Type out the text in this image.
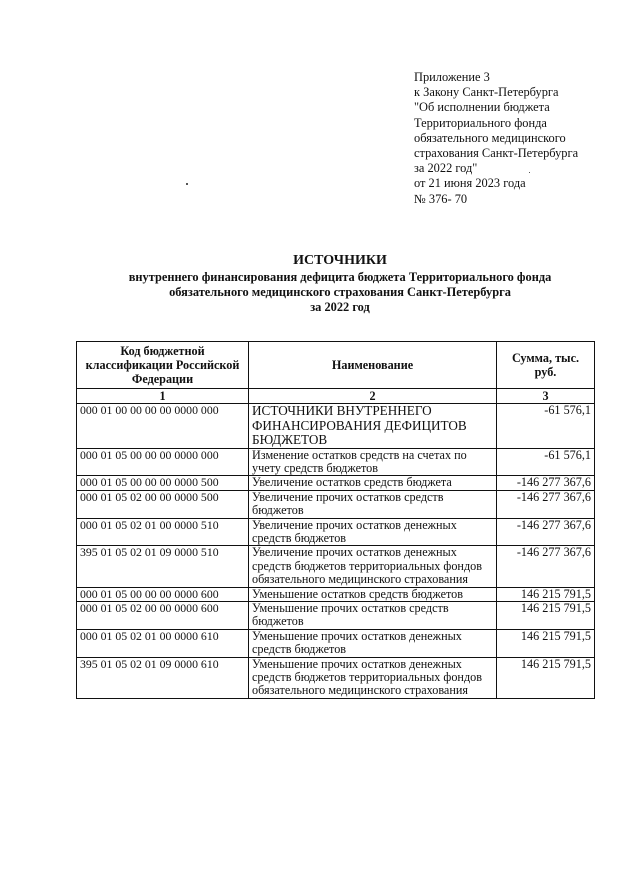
Приложение 3
к Закону Санкт-Петербурга
"Об исполнении бюджета
Территориального фонда
обязательного медицинского
страхования Санкт-Петербурга
за 2022 год"
от 21 июня 2023 года
№ 376- 70
ИСТОЧНИКИ
внутреннего финансирования дефицита бюджета Территориального фонда
обязательного медицинского страхования Санкт-Петербурга
за 2022 год
Код бюджетной классификации Российской Федерации	Наименование	Сумма, тыс. руб.
1	2	3
000 01 00 00 00 00 0000 000	ИСТОЧНИКИ ВНУТРЕННЕГО ФИНАНСИРОВАНИЯ ДЕФИЦИТОВ БЮДЖЕТОВ	-61 576,1
000 01 05 00 00 00 0000 000	Изменение остатков средств на счетах по учету средств бюджетов	-61 576,1
000 01 05 00 00 00 0000 500	Увеличение остатков средств бюджета	-146 277 367,6
000 01 05 02 00 00 0000 500	Увеличение прочих остатков средств бюджетов	-146 277 367,6
000 01 05 02 01 00 0000 510	Увеличение прочих остатков денежных средств бюджетов	-146 277 367,6
395 01 05 02 01 09 0000 510	Увеличение прочих остатков денежных средств бюджетов территориальных фондов обязательного медицинского страхования	-146 277 367,6
000 01 05 00 00 00 0000 600	Уменьшение остатков средств бюджетов	146 215 791,5
000 01 05 02 00 00 0000 600	Уменьшение прочих остатков средств бюджетов	146 215 791,5
000 01 05 02 01 00 0000 610	Уменьшение прочих остатков денежных средств бюджетов	146 215 791,5
395 01 05 02 01 09 0000 610	Уменьшение прочих остатков денежных средств бюджетов территориальных фондов обязательного медицинского страхования	146 215 791,5
